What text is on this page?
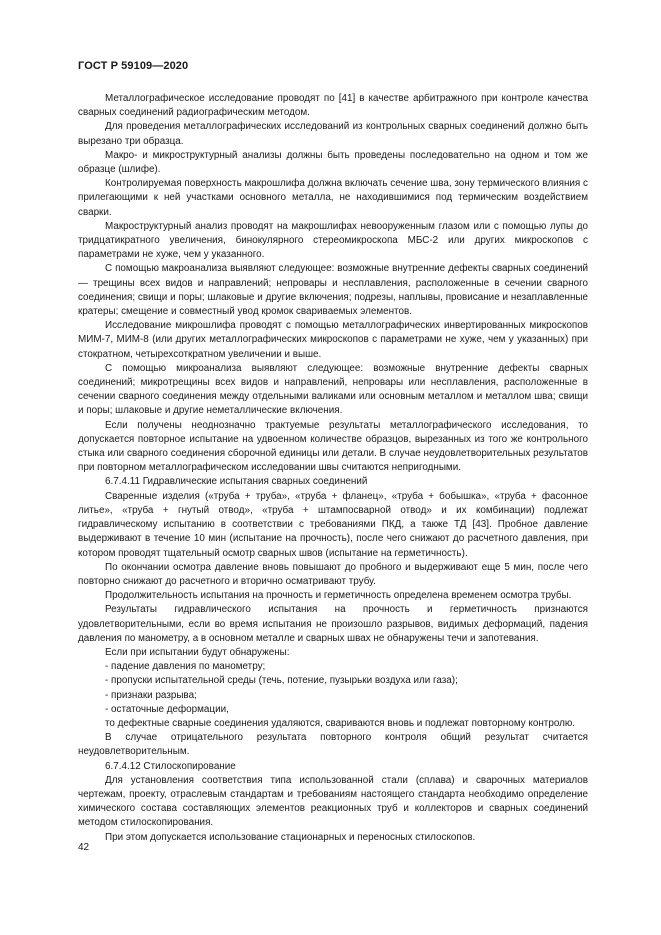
ГОСТ Р 59109—2020

Металлографическое исследование проводят по [41] в качестве арбитражного при контроле качества сварных соединений радиографическим методом.

Для проведения металлографических исследований из контрольных сварных соединений должно быть вырезано три образца.

Макро- и микроструктурный анализы должны быть проведены последовательно на одном и том же образце (шлифе).

Контролируемая поверхность макрошлифа должна включать сечение шва, зону термического влияния с прилегающими к ней участками основного металла, не находившимися под термическим воздействием сварки.

Макроструктурный анализ проводят на макрошлифах невооруженным глазом или с помощью лупы до тридцатикратного увеличения, бинокулярного стереомикроскопа МБС-2 или других микроскопов с параметрами не хуже, чем у указанного.

С помощью макроанализа выявляют следующее: возможные внутренние дефекты сварных соединений — трещины всех видов и направлений; непровары и несплавления, расположенные в сечении сварного соединения; свищи и поры; шлаковые и другие включения; подрезы, наплывы, провисание и незаплавленные кратеры; смещение и совместный увод кромок свариваемых элементов.

Исследование микрошлифа проводят с помощью металлографических инвертированных микроскопов МИМ-7, МИМ-8 (или других металлографических микроскопов с параметрами не хуже, чем у указанных) при стократном, четырехсоткратном увеличении и выше.

С помощью микроанализа выявляют следующее: возможные внутренние дефекты сварных соединений; микротрещины всех видов и направлений, непровары или несплавления, расположенные в сечении сварного соединения между отдельными валиками или основным металлом и металлом шва; свищи и поры; шлаковые и другие неметаллические включения.

Если получены неоднозначно трактуемые результаты металлографического исследования, то допускается повторное испытание на удвоенном количестве образцов, вырезанных из того же контрольного стыка или сварного соединения сборочной единицы или детали. В случае неудовлетворительных результатов при повторном металлографическом исследовании швы считаются непригодными.

6.7.4.11 Гидравлические испытания сварных соединений

Сваренные изделия («труба + труба», «труба + фланец», «труба + бобышка», «труба + фасонное литье», «труба + гнутый отвод», «труба + штампосварной отвод» и их комбинации) подлежат гидравлическому испытанию в соответствии с требованиями ПКД, а также ТД [43]. Пробное давление выдерживают в течение 10 мин (испытание на прочность), после чего снижают до расчетного давления, при котором проводят тщательный осмотр сварных швов (испытание на герметичность).

По окончании осмотра давление вновь повышают до пробного и выдерживают еще 5 мин, после чего повторно снижают до расчетного и вторично осматривают трубу.

Продолжительность испытания на прочность и герметичность определена временем осмотра трубы.

Результаты гидравлического испытания на прочность и герметичность признаются удовлетворительными, если во время испытания не произошло разрывов, видимых деформаций, падения давления по манометру, а в основном металле и сварных швах не обнаружены течи и запотевания.

Если при испытании будут обнаружены:

- падение давления по манометру;

- пропуски испытательной среды (течь, потение, пузырьки воздуха или газа);

- признаки разрыва;

- остаточные деформации,

то дефектные сварные соединения удаляются, свариваются вновь и подлежат повторному контролю.

В случае отрицательного результата повторного контроля общий результат считается неудовлетворительным.

6.7.4.12 Стилоскопирование

Для установления соответствия типа использованной стали (сплава) и сварочных материалов чертежам, проекту, отраслевым стандартам и требованиям настоящего стандарта необходимо определение химического состава составляющих элементов реакционных труб и коллекторов и сварных соединений методом стилоскопирования.

При этом допускается использование стационарных и переносных стилоскопов.

42
